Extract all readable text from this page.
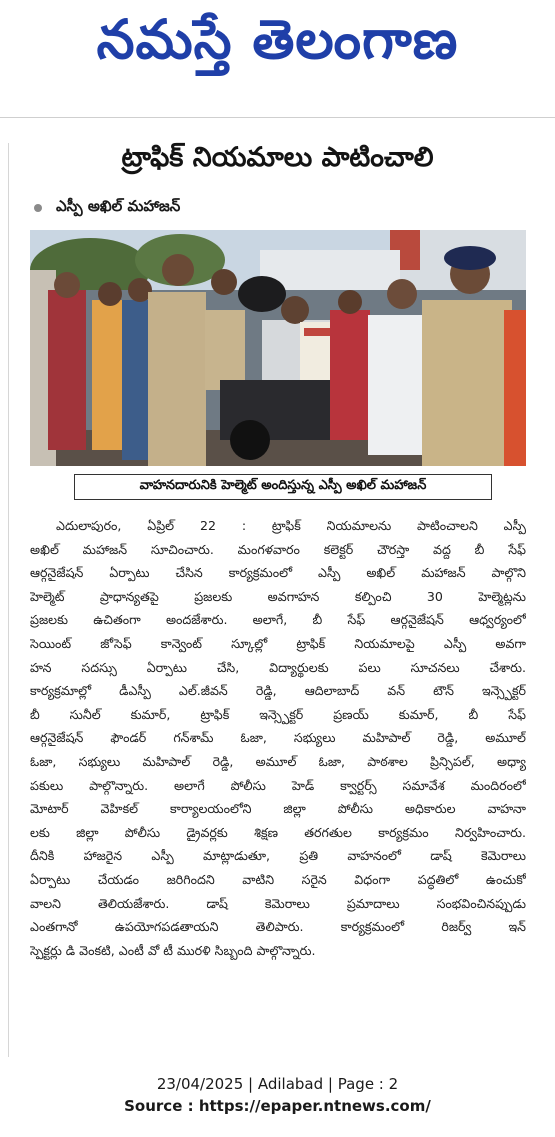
నమస్తే తెలంగాణ
ట్రాఫిక్ నియమాలు పాటించాలి
ఎస్పీ అఖిల్ మహాజన్
వాహనదారునికి హెల్మెట్ అందిస్తున్న ఎస్పీ అఖిల్ మహాజన్
ఎదులాపురం, ఏప్రిల్ 22 : ట్రాఫిక్ నియమాలను పాటించాలని ఎస్పీ
అఖిల్ మహాజన్ సూచించారు. మంగళవారం కలెక్టర్ చౌరస్తా వద్ద బీ సేఫ్
ఆర్గనైజేషన్ ఏర్పాటు చేసిన కార్యక్రమంలో ఎస్పీ అఖిల్ మహాజన్ పాల్గొని
హెల్మెట్ ప్రాధాన్యతపై ప్రజలకు అవగాహన కల్పించి 30 హెల్మెట్లను
ప్రజలకు ఉచితంగా అందజేశారు. అలాగే, బీ సేఫ్ ఆర్గనైజేషన్ ఆధ్వర్యంలో
సెయింట్ జోసెఫ్ కాన్వెంట్ స్కూల్లో ట్రాఫిక్ నియమాలపై ఎస్పీ అవగా
హన సదస్సు ఏర్పాటు చేసి, విద్యార్థులకు పలు సూచనలు చేశారు.
కార్యక్రమాల్లో డీఎస్పీ ఎల్.జీవన్ రెడ్డి, ఆదిలాబాద్ వన్ టౌన్ ఇన్స్పెక్టర్
బీ సునీల్ కుమార్, ట్రాఫిక్ ఇన్స్పెక్టర్ ప్రణయ్ కుమార్, బీ సేఫ్
ఆర్గనైజేషన్ ఫౌండర్ గన్‌శామ్ ఓజా, సభ్యులు మహిపాల్ రెడ్డి, అమూల్
ఓజా, సభ్యులు మహిపాల్ రెడ్డి, అమూల్ ఓజా, పాఠశాల ప్రిన్సిపల్, అధ్యా
పకులు పాల్గొన్నారు. అలాగే పోలీసు హెడ్ క్వార్టర్స్ సమావేశ మందిరంలో
మోటార్ వెహికల్ కార్యాలయంలోని జిల్లా పోలీసు అధికారుల వాహనా
లకు జిల్లా పోలీసు డ్రైవర్లకు శిక్షణ తరగతుల కార్యక్రమం నిర్వహించారు.
దీనికి హాజరైన ఎస్పీ మాట్లాడుతూ, ప్రతి వాహనంలో డాష్ కెమెరాలు
ఏర్పాటు చేయడం జరిగిందని వాటిని సరైన విధంగా పద్ధతిలో ఉంచుకో
వాలని తెలియజేశారు. డాష్ కెమెరాలు ప్రమాదాలు సంభవించినప్పుడు
ఎంతగానో ఉపయోగపడతాయని తెలిపారు. కార్యక్రమంలో రిజర్వ్ ఇన్
స్పెక్టర్లు డి వెంకటి, ఎంటీ వో టీ మురళి సిబ్బంది పాల్గొన్నారు.
23/04/2025 | Adilabad | Page : 2
Source : https://epaper.ntnews.com/
